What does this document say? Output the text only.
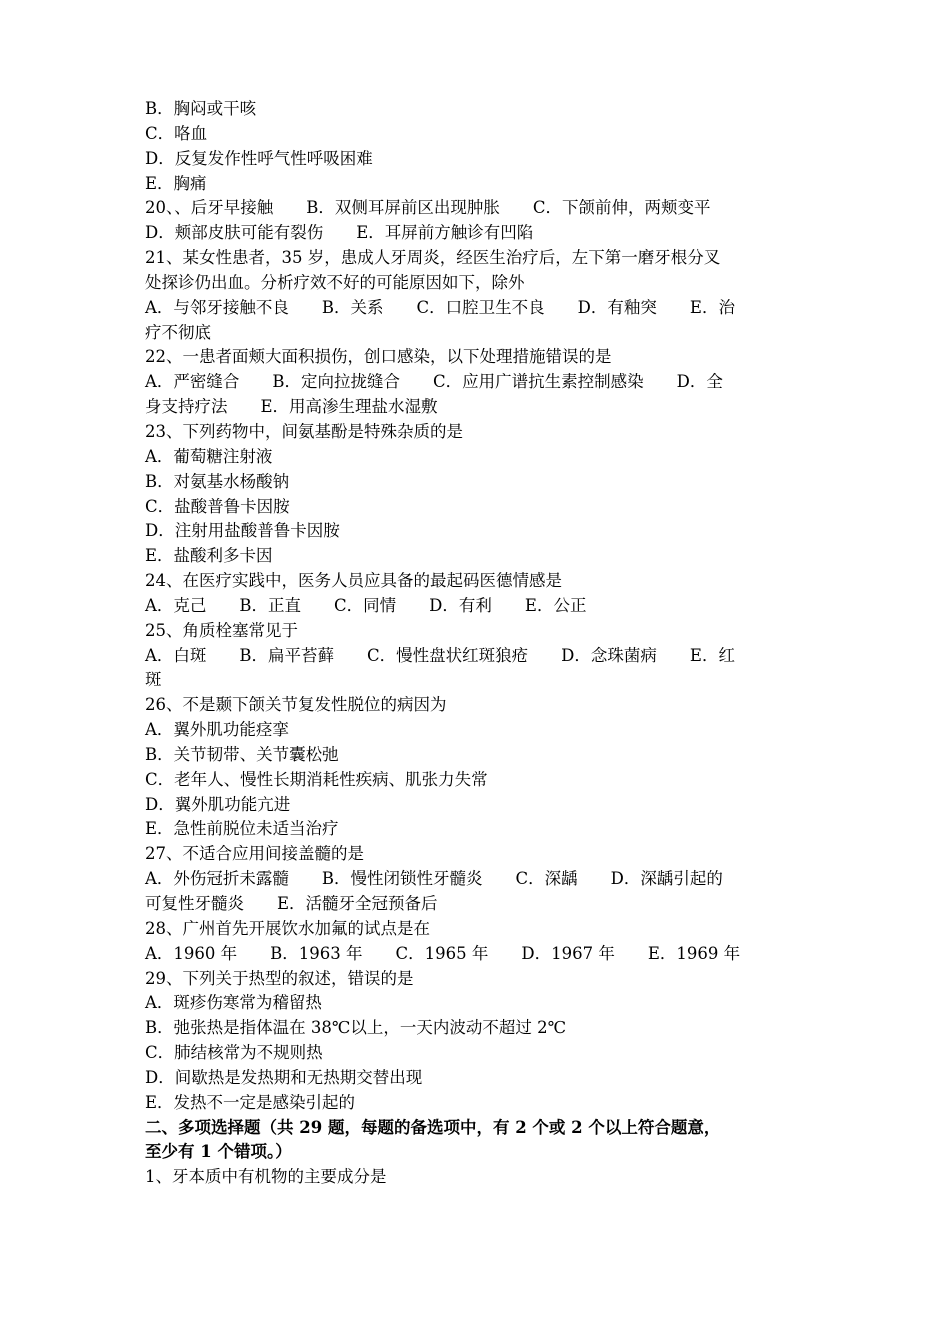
B．胸闷或干咳
C．咯血
D．反复发作性呼气性呼吸困难
E．胸痛
20、、后牙早接触　　B．双侧耳屏前区出现肿胀　　C．下颌前伸，两颊变平
D．颊部皮肤可能有裂伤　　E．耳屏前方触诊有凹陷
21、某女性患者，35 岁，患成人牙周炎，经医生治疗后，左下第一磨牙根分叉
处探诊仍出血。分析疗效不好的可能原因如下，除外
A．与邻牙接触不良　　B．关系　　C．口腔卫生不良　　D．有釉突　　E．治
疗不彻底
22、一患者面颊大面积损伤，创口感染，以下处理措施错误的是
A．严密缝合　　B．定向拉拢缝合　　C．应用广谱抗生素控制感染　　D．全
身支持疗法　　E．用高渗生理盐水湿敷
23、下列药物中，间氨基酚是特殊杂质的是
A．葡萄糖注射液
B．对氨基水杨酸钠
C．盐酸普鲁卡因胺
D．注射用盐酸普鲁卡因胺
E．盐酸利多卡因
24、在医疗实践中，医务人员应具备的最起码医德情感是
A．克己　　B．正直　　C．同情　　D．有利　　E．公正
25、角质栓塞常见于
A．白斑　　B．扁平苔藓　　C．慢性盘状红斑狼疮　　D．念珠菌病　　E．红
斑
26、不是颞下颌关节复发性脱位的病因为
A．翼外肌功能痉挛
B．关节韧带、关节囊松弛
C．老年人、慢性长期消耗性疾病、肌张力失常
D．翼外肌功能亢进
E．急性前脱位未适当治疗
27、不适合应用间接盖髓的是
A．外伤冠折未露髓　　B．慢性闭锁性牙髓炎　　C．深龋　　D．深龋引起的
可复性牙髓炎　　E．活髓牙全冠预备后
28、广州首先开展饮水加氟的试点是在
A．1960 年　　B．1963 年　　C．1965 年　　D．1967 年　　E．1969 年
29、下列关于热型的叙述，错误的是
A．斑疹伤寒常为稽留热
B．弛张热是指体温在 38℃以上，一天内波动不超过 2℃
C．肺结核常为不规则热
D．间歇热是发热期和无热期交替出现
E．发热不一定是感染引起的
二、多项选择题（共 29 题，每题的备选项中，有 2 个或 2 个以上符合题意，
至少有 1 个错项。）
1、牙本质中有机物的主要成分是
